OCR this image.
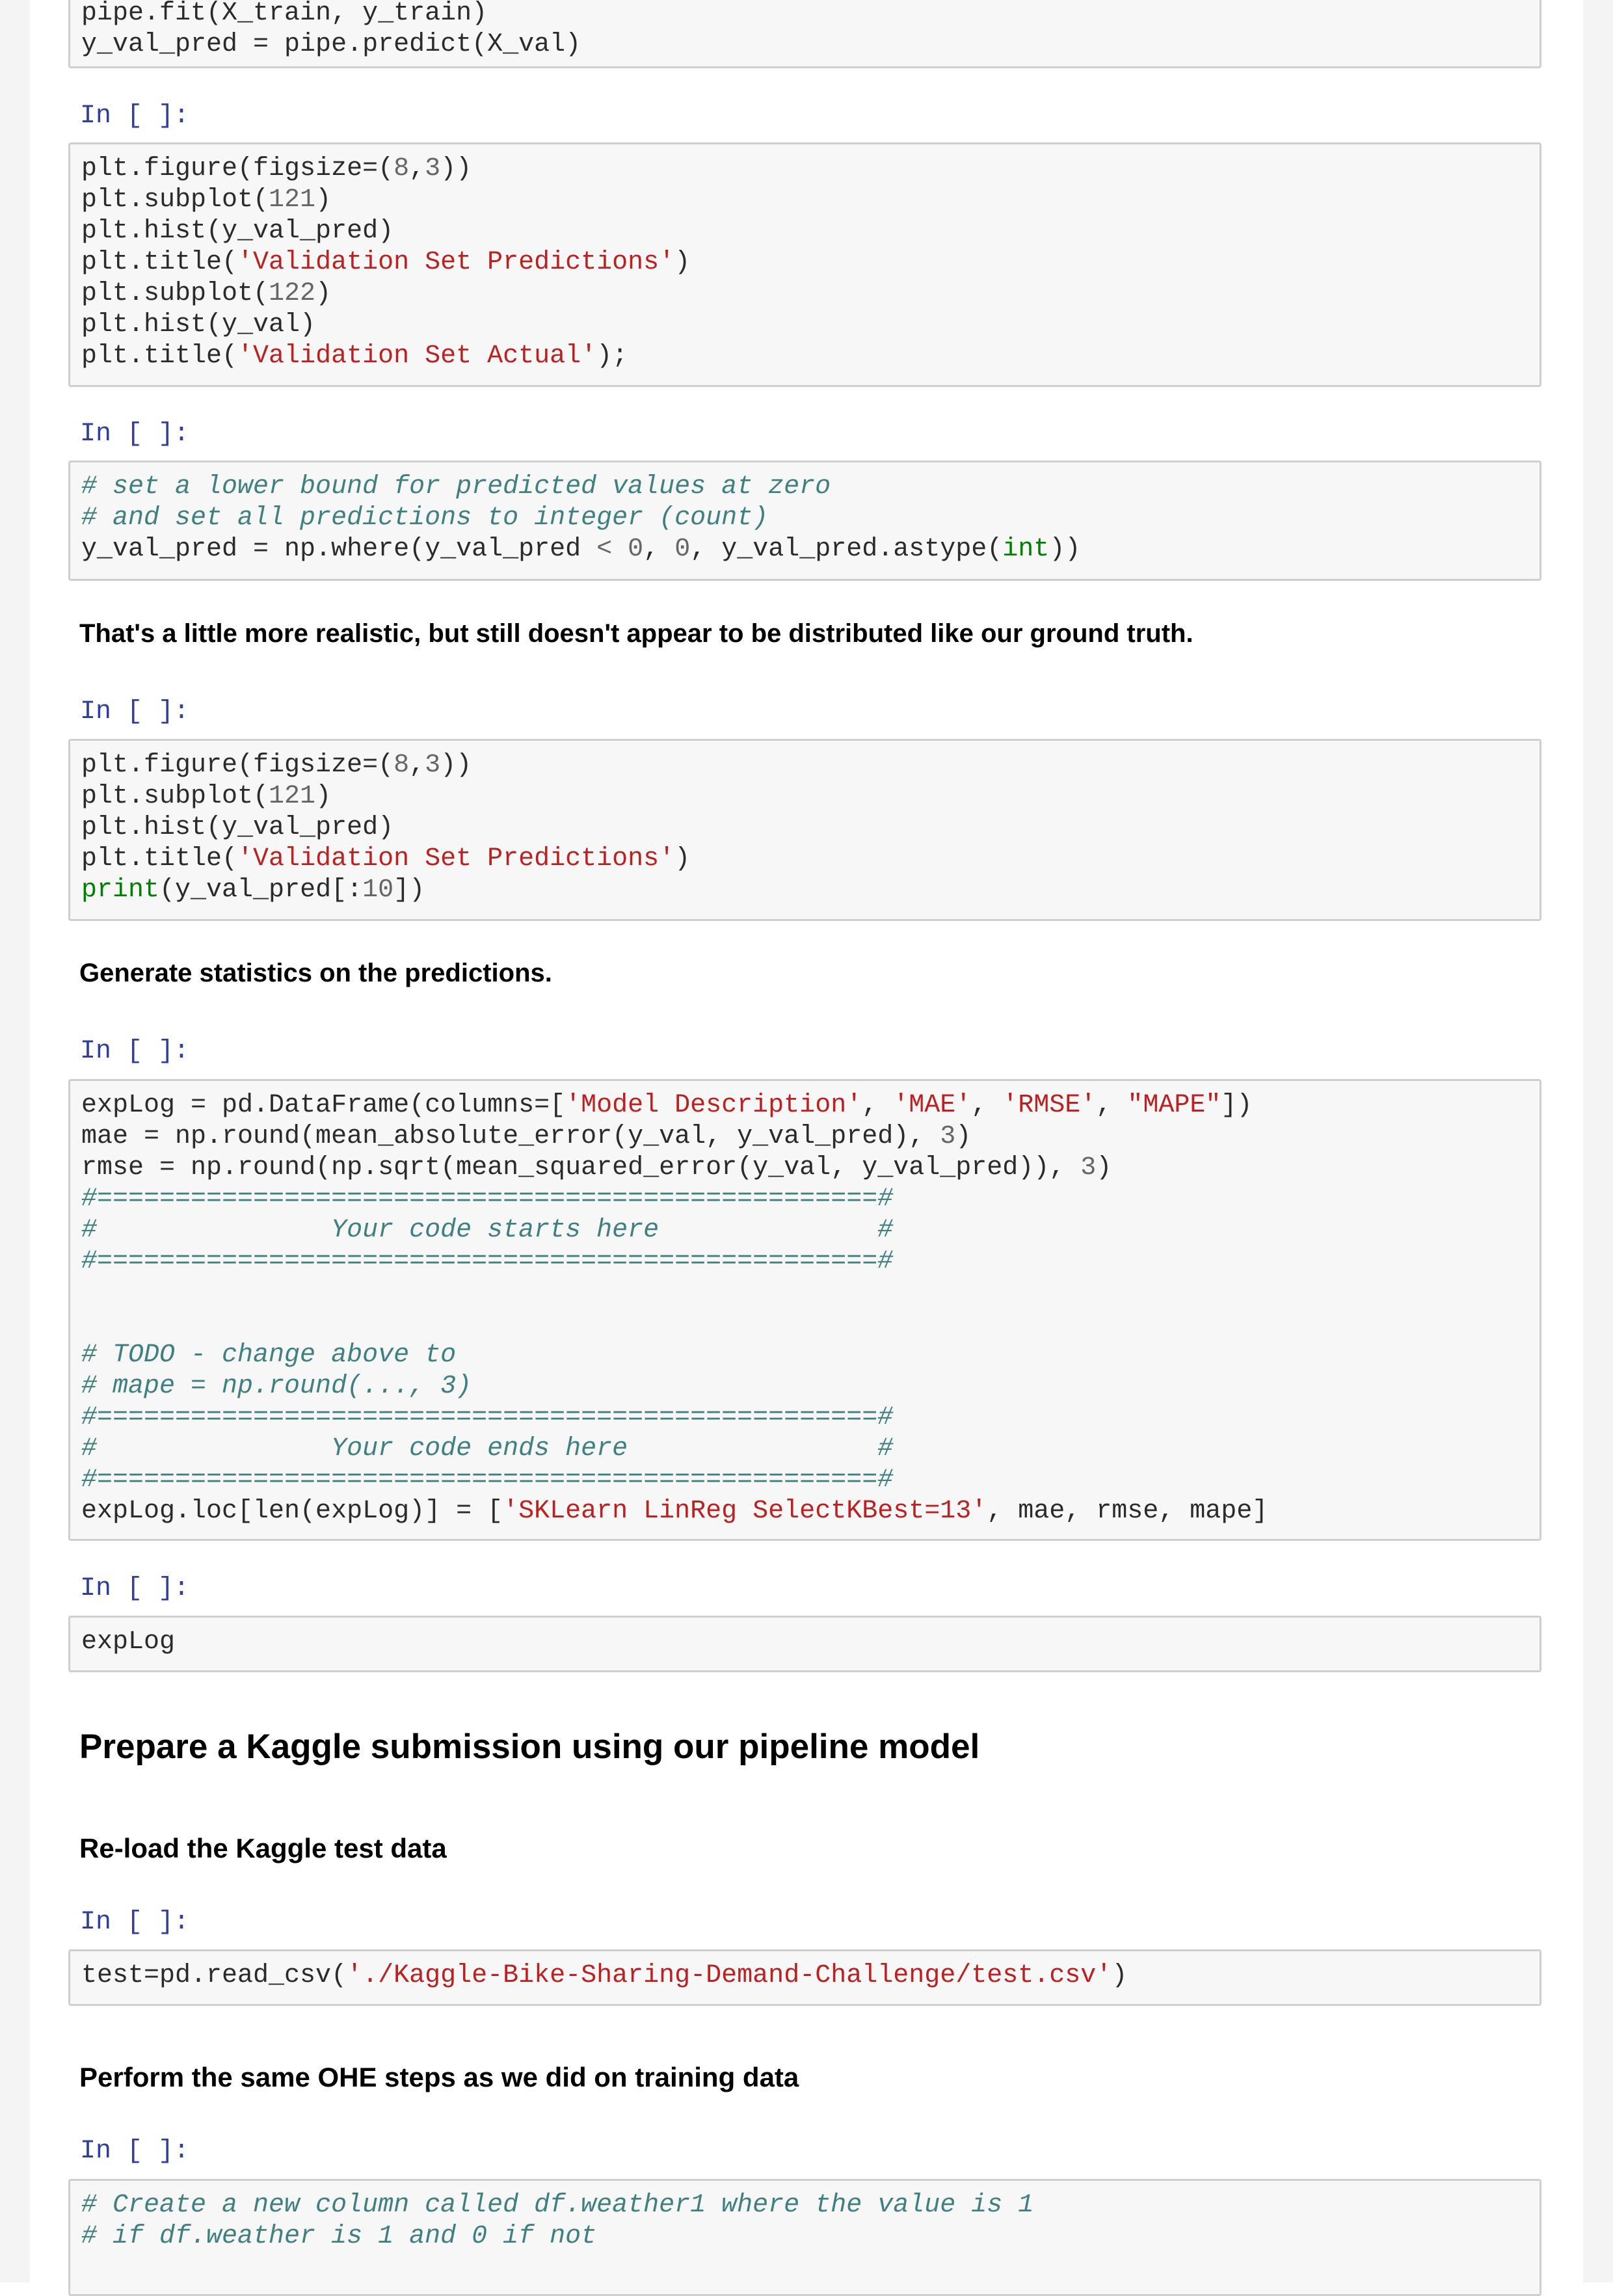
pipe.fit(X_train, y_train)
y_val_pred = pipe.predict(X_val)
In [ ]:
plt.figure(figsize=(8,3))
plt.subplot(121)
plt.hist(y_val_pred)
plt.title('Validation Set Predictions')
plt.subplot(122)
plt.hist(y_val)
plt.title('Validation Set Actual');
In [ ]:
# set a lower bound for predicted values at zero
# and set all predictions to integer (count)
y_val_pred = np.where(y_val_pred < 0, 0, y_val_pred.astype(int))
That's a little more realistic, but still doesn't appear to be distributed like our ground truth.
In [ ]:
plt.figure(figsize=(8,3))
plt.subplot(121)
plt.hist(y_val_pred)
plt.title('Validation Set Predictions')
print(y_val_pred[:10])
Generate statistics on the predictions.
In [ ]:
expLog = pd.DataFrame(columns=['Model Description', 'MAE', 'RMSE', "MAPE"])
mae = np.round(mean_absolute_error(y_val, y_val_pred), 3)
rmse = np.round(np.sqrt(mean_squared_error(y_val, y_val_pred)), 3)
#==================================================#
#               Your code starts here              #
#==================================================#
# TODO - change above to
# mape = np.round(..., 3)
#==================================================#
#               Your code ends here                #
#==================================================#
expLog.loc[len(expLog)] = ['SKLearn LinReg SelectKBest=13', mae, rmse, mape]
In [ ]:
expLog
Prepare a Kaggle submission using our pipeline model
Re-load the Kaggle test data
In [ ]:
test=pd.read_csv('./Kaggle-Bike-Sharing-Demand-Challenge/test.csv')
Perform the same OHE steps as we did on training data
In [ ]:
# Create a new column called df.weather1 where the value is 1
# if df.weather is 1 and 0 if not
